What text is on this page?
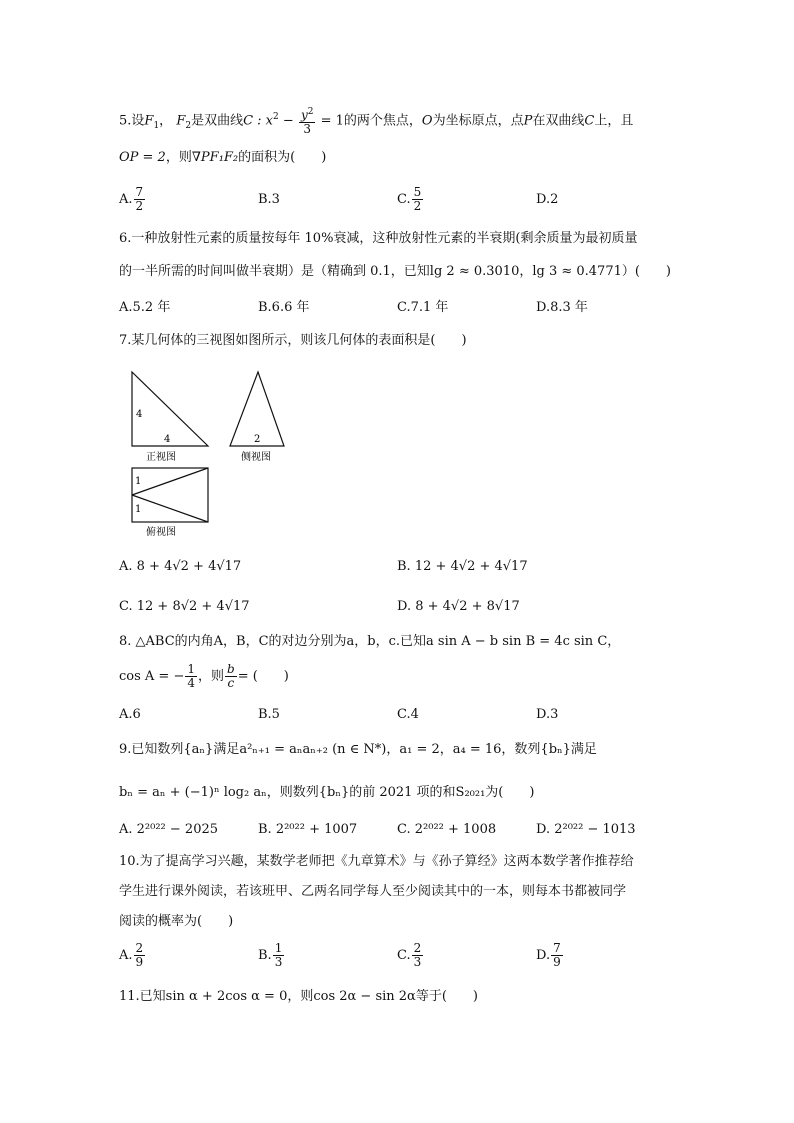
5.设$F_1$， $F_2$是双曲线C : $x^2 - \frac{y^2}{3} = 1$的两个焦点，O为坐标原点，点P在双曲线C上，且
OP = 2，则∇PF₁F₂的面积为(　　)
A. $\frac{7}{2}$	B.3	C. $\frac{5}{2}$	D.2
6.一种放射性元素的质量按每年 10%衰减，这种放射性元素的半衰期(剩余质量为最初质量
的一半所需的时间叫做半衰期）是（精确到 0.1，已知lg 2 ≈ 0.3010，lg 3 ≈ 0.4771）(　　)
A.5.2 年	B.6.6 年	C.7.1 年	D.8.3 年
7.某几何体的三视图如图所示，则该几何体的表面积是(　　)
4
4
正视图
2
侧视图
1
1
俯视图
A. 8 + 4√2 + 4√17	B. 12 + 4√2 + 4√17
C. 12 + 8√2 + 4√17	D. 8 + 4√2 + 8√17
8. △ABC的内角A，B，C的对边分别为a，b，c.已知a sin A − b sin B = 4c sin C，
cos A = − $\frac{1}{4}$ ，则 $\frac{b}{c}$ = (　　)
A.6	B.5	C.4	D.3
9.已知数列{aₙ}满足a²ₙ₊₁ = aₙaₙ₊₂ (n ∈ N*)，a₁ = 2，a₄ = 16，数列{bₙ}满足
bₙ = aₙ + (−1)ⁿ log₂ aₙ，则数列{bₙ}的前 2021 项的和S₂₀₂₁为(　　)
A. 2²⁰²² − 2025	B. 2²⁰²² + 1007	C. 2²⁰²² + 1008	D. 2²⁰²² − 1013
10.为了提高学习兴趣，某数学老师把《九章算术》与《孙子算经》这两本数学著作推荐给
学生进行课外阅读，若该班甲、乙两名同学每人至少阅读其中的一本，则每本书都被同学
阅读的概率为(　　)
A. $\frac{2}{9}$	B. $\frac{1}{3}$	C. $\frac{2}{3}$	D. $\frac{7}{9}$
11.已知sin α + 2cos α = 0，则cos 2α − sin 2α等于(　　)
